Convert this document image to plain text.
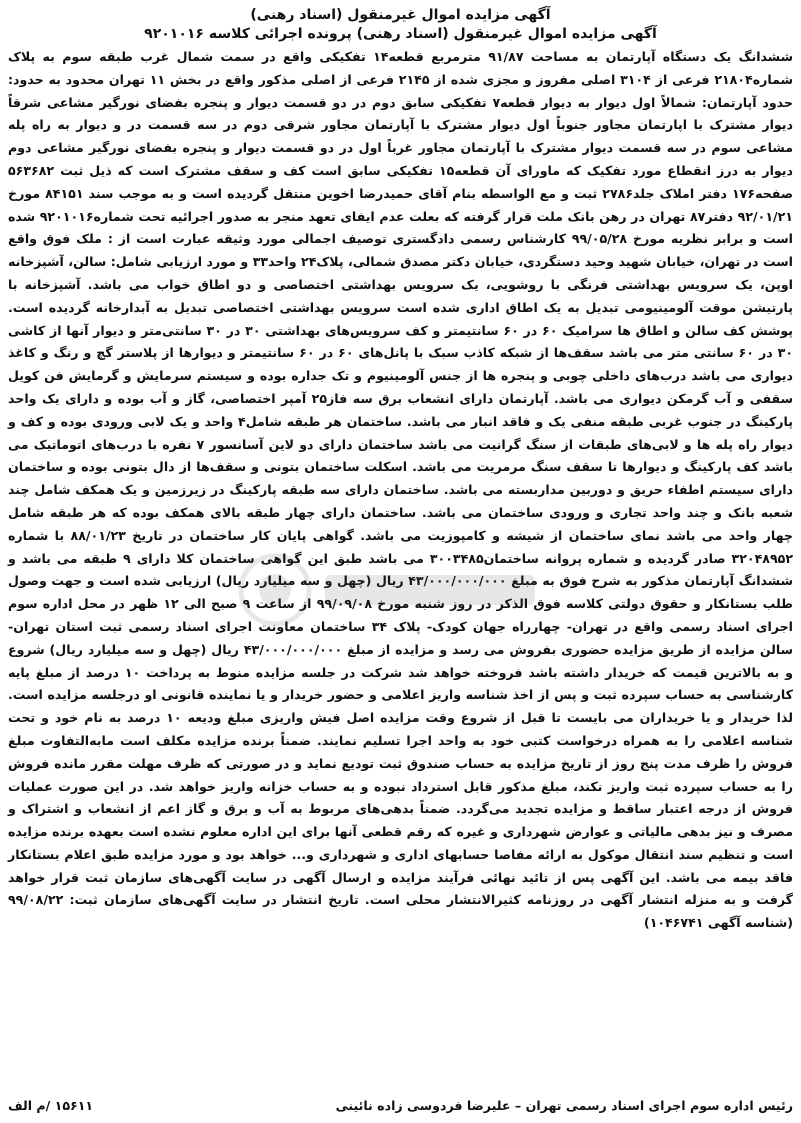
آگهی مزایده اموال غیرمنقول (اسناد رهنی)
آگهی مزایده اموال غیرمنقول (اسناد رهنی) پرونده اجرائی کلاسه ۹۲۰۱۰۱۶
ششدانگ یک دستگاه آپارتمان به مساحت ۹۱/۸۷ مترمربع قطعه۱۴ تفکیکی واقع در سمت شمال غرب طبقه سوم به پلاک شماره۲۱۸۰۴ فرعی از ۳۱۰۴ اصلی مفروز و مجزی شده از ۲۱۴۵ فرعی از اصلی مذکور واقع در بخش ۱۱ تهران محدود به حدود: حدود آپارتمان: شمالاً اول دیوار به دیوار قطعه۷ تفکیکی سابق دوم در دو قسمت دیوار و پنجره بفضای نورگیر مشاعی شرقاً دیوار مشترک با اپارتمان مجاور جنوباً اول دیوار مشترک با آپارتمان مجاور شرقی دوم در سه قسمت در و دیوار به راه پله مشاعی سوم در سه قسمت دیوار مشترک با آپارتمان مجاور غرباً اول در دو قسمت دیوار و پنجره بفضای نورگیر مشاعی دوم دیوار به درز انقطاع مورد تفکیک که ماورای آن قطعه۱۵ تفکیکی سابق است کف و سقف مشترک است که ذیل ثبت ۵۶۳۶۸۲ صفحه۱۷۶ دفتر املاک جلد۲۷۸۶ ثبت و مع الواسطه بنام آقای حمیدرضا اخوین منتقل گردیده است و به موجب سند ۸۴۱۵۱ مورخ ۹۲/۰۱/۲۱ دفتر۸۷ تهران در رهن بانک ملت قرار گرفته که بعلت عدم ایفای تعهد منجر به صدور اجرائیه تحت شماره۹۲۰۱۰۱۶ شده است و برابر نظریه مورخ ۹۹/۰۵/۲۸ کارشناس رسمی دادگستری توصیف اجمالی مورد وثیقه عبارت است از : ملک فوق واقع است در تهران، خیابان شهید وحید دستگردی، خیابان دکتر مصدق شمالی، پلاک۲۴ واحد۳۳ و مورد ارزیابی شامل: سالن، آشپزخانه اوپن، یک سرویس بهداشتی فرنگی با روشویی، یک سرویس بهداشتی اختصاصی و دو اطاق خواب می باشد. آشپزخانه با پارتیشن موقت آلومینیومی تبدیل به یک اطاق اداری شده است سرویس بهداشتی اختصاصی تبدیل به آبدارخانه گردیده است. پوشش کف سالن و اطاق ها سرامیک ۶۰ در ۶۰ سانتیمتر و کف سرویس‌های بهداشتی ۳۰ در ۳۰ سانتی‌متر و دیوار آنها از کاشی ۳۰ در ۶۰ سانتی متر می باشد سقف‌ها از شبکه کاذب سبک با پانل‌های ۶۰ در ۶۰ سانتیمتر و دیوارها از پلاستر گچ و رنگ و کاغذ دیواری می باشد درب‌های داخلی چوبی و پنجره ها از جنس آلومینیوم و تک جداره بوده و سیستم سرمایش و گرمایش فن کویل سقفی و آب گرمکن دیواری می باشد. آپارتمان دارای انشعاب برق سه فاز۲۵ آمپر اختصاصی، گاز و آب بوده و دارای یک واحد پارکینگ در جنوب غربی طبقه منفی یک و فاقد انبار می باشد. ساختمان هر طبقه شامل۴ واحد و یک لابی ورودی بوده و کف و دیوار راه پله ها و لابی‌های طبقات از سنگ گرانیت می باشد ساختمان دارای دو لاین آسانسور ۷ نفره با درب‌های اتوماتیک می باشد کف پارکینگ و دیوارها تا سقف سنگ مرمریت می باشد. اسکلت ساختمان بتونی و سقف‌ها از دال بتونی بوده و ساختمان دارای سیستم اطفاء حریق و دوربین مداربسته می باشد. ساختمان دارای سه طبقه پارکینگ در زیرزمین و یک همکف شامل چند شعبه بانک و چند واحد تجاری و ورودی ساختمان می باشد. ساختمان دارای چهار طبقه بالای همکف بوده که هر طبقه شامل چهار واحد می باشد نمای ساختمان از شیشه و کامپوزیت می باشد. گواهی پایان کار ساختمان در تاریخ ۸۸/۰۱/۲۳ با شماره ۳۲۰۴۸۹۵۲ صادر گردیده و شماره پروانه ساختمان۳۰۰۳۴۸۵ می باشد طبق این گواهی ساختمان کلا دارای ۹ طبقه می باشد و ششدانگ آپارتمان مذکور به شرح فوق به مبلغ ۴۳/۰۰۰/۰۰۰/۰۰۰ ریال (چهل و سه میلیارد ریال) ارزیابی شده است و جهت وصول طلب بستانکار و حقوق دولتی کلاسه فوق الذکر در روز شنبه مورخ ۹۹/۰۹/۰۸ از ساعت ۹ صبح الی ۱۲ ظهر در محل اداره سوم اجرای اسناد رسمی واقع در تهران- چهارراه جهان کودک- پلاک ۳۴ ساختمان معاونت اجرای اسناد رسمی ثبت استان تهران- سالن مزایده از طریق مزایده حضوری بفروش می رسد و مزایده از مبلغ ۴۳/۰۰۰/۰۰۰/۰۰۰ ریال (چهل و سه میلیارد ریال) شروع و به بالاترین قیمت که خریدار داشته باشد فروخته خواهد شد شرکت در جلسه مزایده منوط به پرداخت ۱۰ درصد از مبلغ پایه کارشناسی به حساب سپرده ثبت و پس از اخذ شناسه واریز اعلامی و حضور خریدار و یا نماینده قانونی او درجلسه مزایده است. لذا خریدار و یا خریداران می بایست تا قبل از شروع وقت مزایده اصل فیش واریزی مبلغ ودیعه ۱۰ درصد به نام خود و تحت شناسه اعلامی را به همراه درخواست کتبی خود به واحد اجرا تسلیم نمایند. ضمناً برنده مزایده مکلف است مابه‌التفاوت مبلغ فروش را ظرف مدت پنج روز از تاریخ مزایده به حساب صندوق ثبت تودیع نماید و در صورتی که ظرف مهلت مقرر مانده فروش را به حساب سپرده ثبت واریز نکند، مبلغ مذکور قابل استرداد نبوده و به حساب خزانه واریز خواهد شد. در این صورت عملیات فروش از درجه اعتبار ساقط و مزایده تجدید می‌گردد. ضمناً بدهی‌های مربوط به آب و برق و گاز اعم از انشعاب و اشتراک و مصرف و نیز بدهی مالیاتی و عوارض شهرداری و غیره که رقم قطعی آنها برای این اداره معلوم نشده است بعهده برنده مزایده است و تنظیم سند انتقال موکول به ارائه مفاصا حسابهای اداری و شهرداری و... خواهد بود و مورد مزایده طبق اعلام بستانکار فاقد بیمه می باشد. این آگهی پس از تائید نهائی فرآیند مزایده و ارسال آگهی در سایت آگهی‌های سازمان ثبت قرار خواهد گرفت و به منزله انتشار آگهی در روزنامه کثیرالانتشار محلی است. تاریخ انتشار در سایت آگهی‌های سازمان ثبت: ۹۹/۰۸/۲۲ (شناسه آگهی ۱۰۴۶۷۴۱)
رئیس اداره سوم اجرای اسناد رسمی تهران – علیرضا فردوسی زاده نائینی
۱۵۶۱۱ /م الف
